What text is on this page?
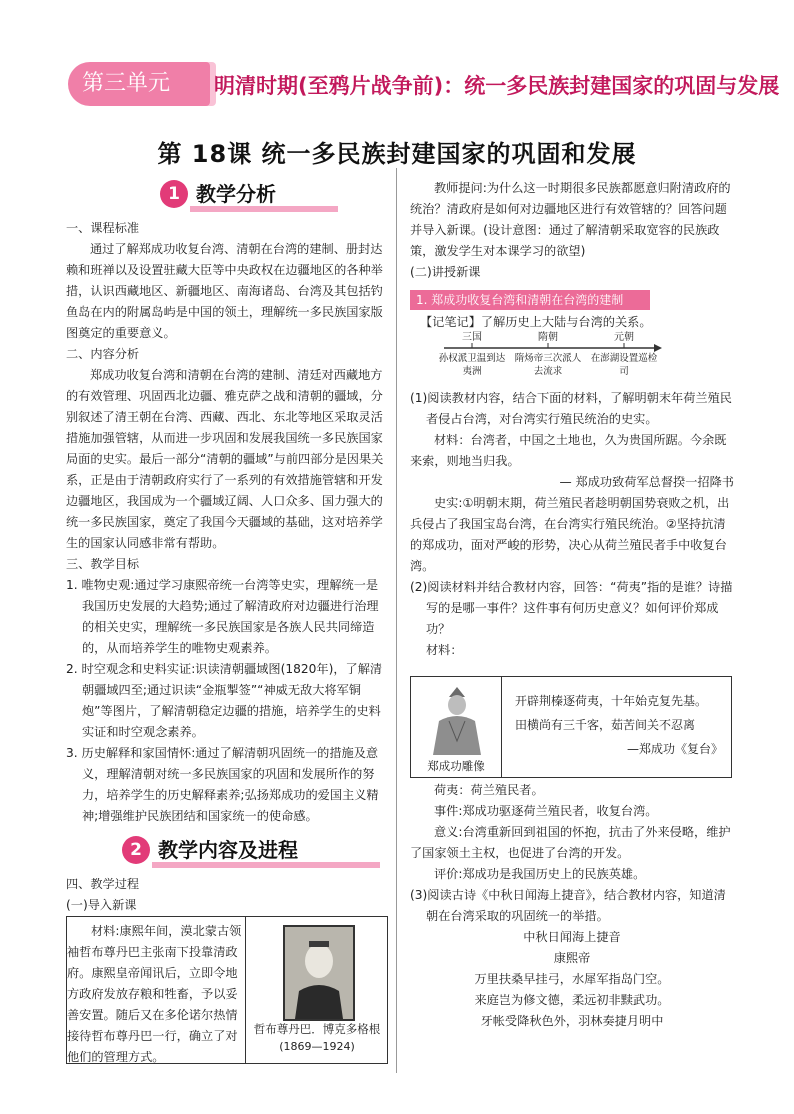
第三单元	明清时期(至鸦片战争前)：统一多民族封建国家的巩固与发展
第 18课 统一多民族封建国家的巩固和发展
1 教学分析

一、课程标准

通过了解郑成功收复台湾、清朝在台湾的建制、册封达赖和班禅以及设置驻藏大臣等中央政权在边疆地区的各种举措，认识西藏地区、新疆地区、南海诸岛、台湾及其包括钓鱼岛在内的附属岛屿是中国的领土，理解统一多民族国家版图奠定的重要意义。

二、内容分析

郑成功收复台湾和清朝在台湾的建制、清廷对西藏地方的有效管理、巩固西北边疆、雅克萨之战和清朝的疆域，分别叙述了清王朝在台湾、西藏、西北、东北等地区采取灵活措施加强管辖，从而进一步巩固和发展我国统一多民族国家局面的史实。最后一部分“清朝的疆域”与前四部分是因果关系，正是由于清朝政府实行了一系列的有效措施管辖和开发边疆地区，我国成为一个疆域辽阔、人口众多、国力强大的统一多民族国家，奠定了我国今天疆域的基础，这对培养学生的国家认同感非常有帮助。

三、教学目标

1. 唯物史观:通过学习康熙帝统一台湾等史实，理解统一是我国历史发展的大趋势;通过了解清政府对边疆进行治理的相关史实，理解统一多民族国家是各族人民共同缔造的，从而培养学生的唯物史观素养。

2. 时空观念和史料实证:识读清朝疆域图(1820年)，了解清朝疆域四至;通过识读“金瓶掣签”“神威无敌大将军铜炮”等图片，了解清朝稳定边疆的措施，培养学生的史料实证和时空观念素养。

3. 历史解释和家国情怀:通过了解清朝巩固统一的措施及意义，理解清朝对统一多民族国家的巩固和发展所作的努力，培养学生的历史解释素养;弘扬郑成功的爱国主义精神;增强维护民族团结和国家统一的使命感。

2 教学内容及进程

四、教学过程

(一)导入新课

材料:康熙年间，漠北蒙古领袖哲布尊丹巴主张南下投靠清政府。康熙皇帝闻讯后，立即令地方政府发放存粮和牲畜，予以妥善安置。随后又在多伦诺尔热情接待哲布尊丹巴一行，确立了对他们的管理方式。
哲布尊丹巴．博克多格根
(1869—1924)

教师提问:为什么这一时期很多民族都愿意归附清政府的统治？清政府是如何对边疆地区进行有效管辖的？回答问题并导入新课。(设计意图：通过了解清朝采取宽容的民族政策，激发学生对本课学习的欲望)

(二)讲授新课

1. 郑成功收复台湾和清朝在台湾的建制
【记笔记】了解历史上大陆与台湾的关系。
三国	隋朝	元朝
孙权派卫温到达夷洲
隋炀帝三次派人去流求
在澎湖设置巡检司

(1)阅读教材内容，结合下面的材料，了解明朝末年荷兰殖民者侵占台湾，对台湾实行殖民统治的史实。

材料：台湾者，中国之土地也，久为贵国所踞。今余既来索，则地当归我。

— 郑成功致荷军总督揆一招降书

史实:①明朝末期，荷兰殖民者趁明朝国势衰败之机，出兵侵占了我国宝岛台湾，在台湾实行殖民统治。②坚持抗清的郑成功，面对严峻的形势，决心从荷兰殖民者手中收复台湾。

(2)阅读材料并结合教材内容，回答：“荷夷”指的是谁？诗描写的是哪一事件？这件事有何历史意义？如何评价郑成功？

材料：

郑成功雕像
开辟荆榛逐荷夷，十年始克复先基。
田横尚有三千客，茹苦间关不忍离
—郑成功《复台》

荷夷：荷兰殖民者。

事件:郑成功驱逐荷兰殖民者，收复台湾。

意义:台湾重新回到祖国的怀抱，抗击了外来侵略，维护了国家领土主权，也促进了台湾的开发。

评价:郑成功是我国历史上的民族英雄。

(3)阅读古诗《中秋日闻海上捷音》，结合教材内容，知道清朝在台湾采取的巩固统一的举措。

中秋日闻海上捷音

康熙帝

万里扶桑早挂弓，水犀军指岛门空。

来庭岂为修文德，柔远初非黩武功。

牙帐受降秋色外，羽林奏捷月明中
